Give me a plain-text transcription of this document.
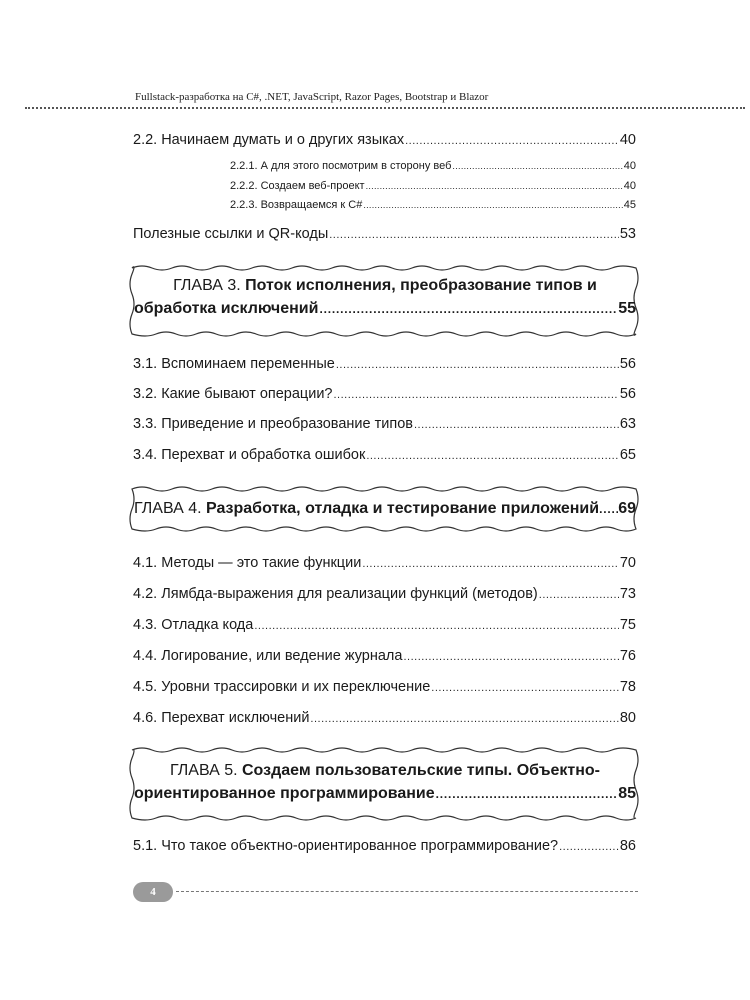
Fullstack-разработка на C#, .NET, JavaScript, Razor Pages, Bootstrap и Blazor
2.2. Начинаем думать и о других языках .....	40
2.2.1. А для этого посмотрим в сторону веб .....	40
2.2.2. Создаем веб-проект .....	40
2.2.3. Возвращаемся к C# .....	45
Полезные ссылки и QR-коды .....	53
ГЛАВА 3. Поток исполнения, преобразование типов и
обработка исключений .....	55
3.1. Вспоминаем переменные .....	56
3.2. Какие бывают операции? .....	56
3.3. Приведение и преобразование типов .....	63
3.4. Перехват и обработка ошибок .....	65
ГЛАВА 4.
Разработка, отладка и тестирование приложений ..... 69
4.1. Методы — это такие функции .....	70
4.2. Лямбда-выражения для реализации функций (методов) .....	73
4.3. Отладка кода .....	75
4.4. Логирование, или ведение журнала .....	76
4.5. Уровни трассировки и их переключение .....	78
4.6. Перехват исключений .....	80
ГЛАВА 5. Создаем пользовательские типы. Объектно-
ориентированное программирование .....	85
5.1. Что такое объектно-ориентированное программирование? .....	86
4
